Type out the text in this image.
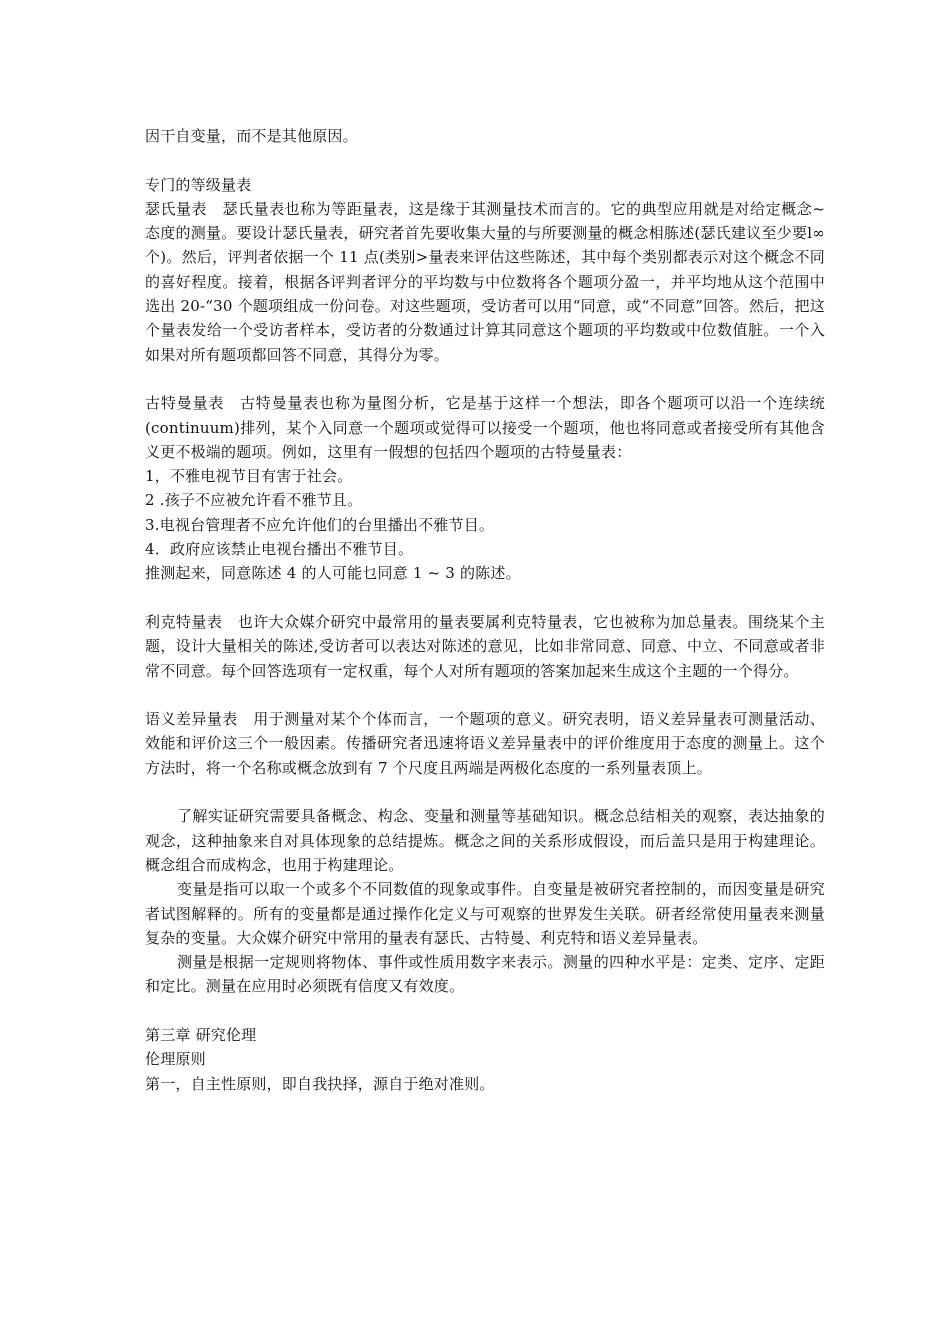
因干自变量，而不是其他原因。

专门的等级量表

瑟氏量表　瑟氏量表也称为等距量表，这是缘于其测量技术而言的。它的典型应用就是对给定概念~态度的测量。要设计瑟氏量表，研究者首先要收集大量的与所要测量的概念相胨述(瑟氏建议至少要l∞个)。然后，评判者依据一个 11 点(类别>量表来评估这些陈述，其中每个类别都表示对这个概念不同的喜好程度。接着，根据各评判者评分的平均数与中位数将各个题项分盈一，并平均地从这个范围中选出 20-“30 个题项组成一份问卷。对这些题项，受访者可以用“同意，或“不同意”回答。然后，把这个量表发给一个受访者样本，受访者的分数通过计算其同意这个题项的平均数或中位数值脏。一个入如果对所有题项都回答不同意，其得分为零。

古特曼量表　古特曼量表也称为量图分析，它是基于这样一个想法，即各个题项可以沿一个连续统(continuum)排列，某个入同意一个题项或觉得可以接受一个题项，他也将同意或者接受所有其他含义更不极端的题项。例如，这里有一假想的包括四个题项的古特曼量表：

1，不雅电视节目有害于社会。

2 .孩子不应被允许看不雅节且。

3.电视台管理者不应允许他们的台里播出不雅节目。

4．政府应该禁止电视台播出不雅节目。

推测起来，同意陈述 4 的人可能乜同意 1 ~ 3 的陈述。

利克特量表　也许大众媒介研究中最常用的量表要属利克特量表，它也被称为加总量表。围绕某个主题，设计大量相关的陈述,受访者可以表达对陈述的意见，比如非常同意、同意、中立、不同意或者非常不同意。每个回答选项有一定权重，每个人对所有题项的答案加起来生成这个主题的一个得分。

语义差异量表　用于测量对某个个体而言，一个题项的意义。研究表明，语义差异量表可测量活动、效能和评价这三个一般因素。传播研究者迅速将语义差异量表中的评价维度用于态度的测量上。这个方法时，将一个名称或概念放到有 7 个尺度且两端是两极化态度的一系列量表顶上。

了解实证研究需要具备概念、构念、变量和测量等基础知识。概念总结相关的观察，表达抽象的观念，这种抽象来自对具体现象的总结提炼。概念之间的关系形成假设，而后盖只是用于构建理论。概念组合而成构念，也用于构建理论。

变量是指可以取一个或多个不同数值的现象或事件。自变量是被研究者控制的，而因变量是研究者试图解释的。所有的变量都是通过操作化定义与可观察的世界发生关联。研者经常使用量表来测量复杂的变量。大众媒介研究中常用的量表有瑟氏、古特曼、利克特和语义差异量表。

测量是根据一定规则将物体、事件或性质用数字来表示。测量的四种水平是：定类、定序、定距和定比。测量在应用时必须既有信度又有效度。

第三章 研究伦理

伦理原则

第一，自主性原则，即自我抉择，源自于绝对准则。
